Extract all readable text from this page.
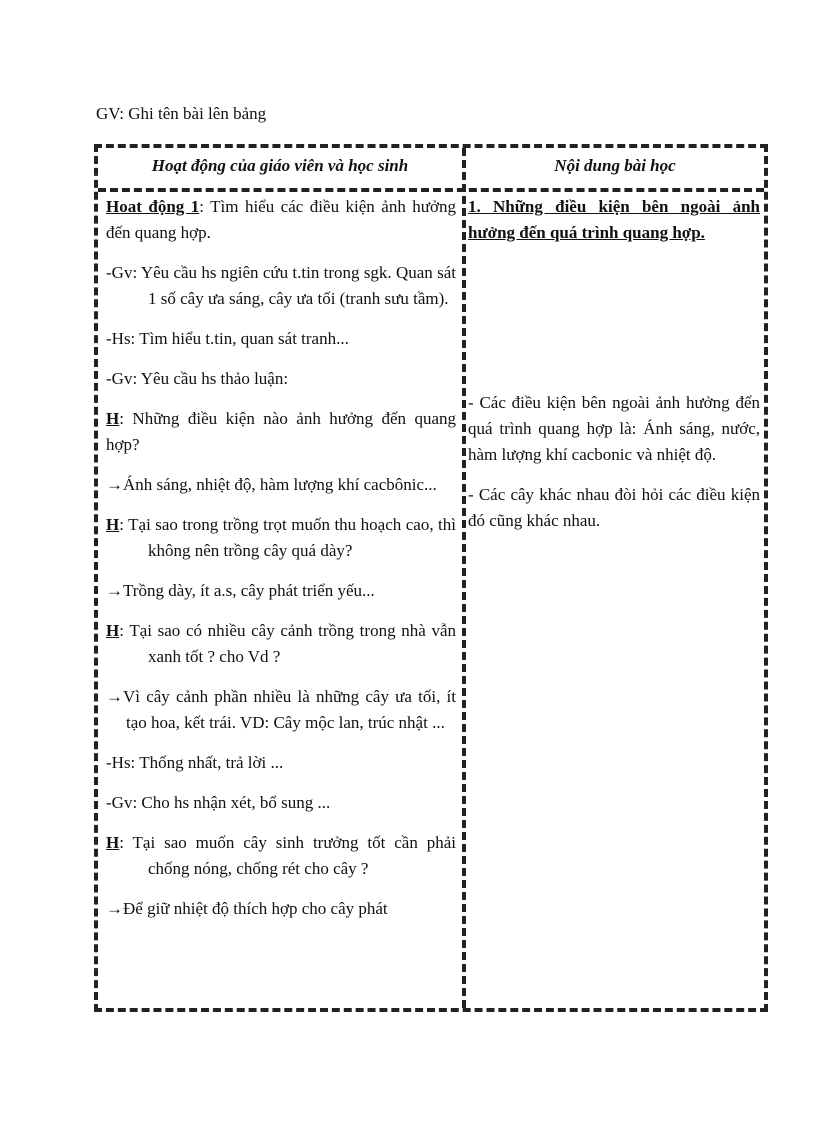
GV: Ghi tên bài lên bảng
Hoạt động của giáo viên và học sinh	Nội dung bài học

Hoat động 1: Tìm hiểu các điều kiện ảnh hưởng đến quang hợp.

-Gv: Yêu cầu hs ngiên cứu t.tin trong sgk. Quan sát 1 số cây ưa sáng, cây ưa tối (tranh sưu tầm).

-Hs: Tìm hiểu t.tin, quan sát tranh...

-Gv: Yêu cầu hs thảo luận:

H: Những điều kiện nào ảnh hưởng đến quang hợp?

→Ánh sáng, nhiệt độ, hàm lượng khí cacbônic...

H: Tại sao trong trồng trọt muốn thu hoạch cao, thì không nên trồng cây quá dày?

→Trồng dày, ít a.s, cây phát triển yếu...

H: Tại sao có nhiều cây cảnh trồng trong nhà vẫn xanh tốt ? cho Vd ?

→Vì cây cảnh phần nhiều là những cây ưa tối, ít tạo hoa, kết trái. VD: Cây mộc lan, trúc nhật ...

-Hs: Thống nhất, trả lời ...

-Gv: Cho hs nhận xét, bổ sung ...

H: Tại sao muốn cây sinh trưởng tốt cần phải chống nóng, chống rét cho cây ?

→Để giữ nhiệt độ thích hợp cho cây phát

1. Những điều kiện bên ngoài ảnh hưởng đến quá trình quang hợp.

- Các điều kiện bên ngoài ảnh hưởng đến quá trình quang hợp là: Ánh sáng, nước, hàm lượng khí cacbonic và nhiệt độ.

- Các cây khác nhau đòi hỏi các điều kiện đó cũng khác nhau.
